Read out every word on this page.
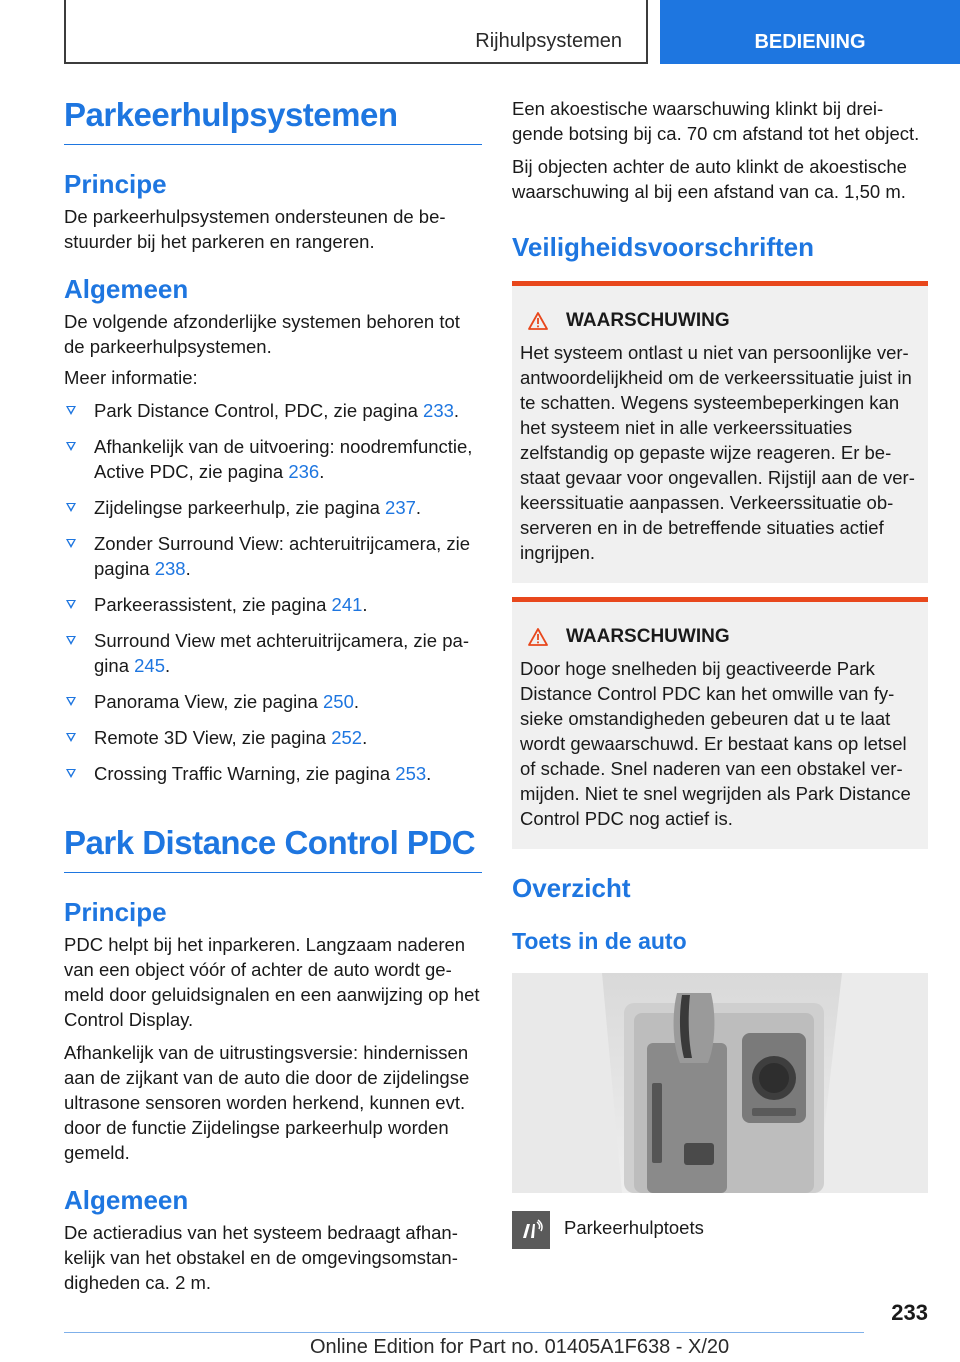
Rijhulpsystemen	BEDIENING
Parkeerhulpsystemen
Principe

De parkeerhulpsystemen ondersteunen de bestuurder bij het parkeren en rangeren.

Algemeen

De volgende afzonderlijke systemen behoren tot de parkeerhulpsystemen.

Meer informatie:

Park Distance Control, PDC, zie pagina 233.
Afhankelijk van de uitvoering: noodremfunctie, Active PDC, zie pagina 236.
Zijdelingse parkeerhulp, zie pagina 237.
Zonder Surround View: achteruitrijcamera, zie pagina 238.
Parkeerassistent, zie pagina 241.
Surround View met achteruitrijcamera, zie pagina 245.
Panorama View, zie pagina 250.
Remote 3D View, zie pagina 252.
Crossing Traffic Warning, zie pagina 253.
Park Distance Control PDC
Principe

PDC helpt bij het inparkeren. Langzaam naderen van een object vóór of achter de auto wordt gemeld door geluidsignalen en een aanwijzing op het Control Display.

Afhankelijk van de uitrustingsversie: hindernissen aan de zijkant van de auto die door de zijdelingse ultrasone sensoren worden herkend, kunnen evt. door de functie Zijdelingse parkeerhulp worden gemeld.

Algemeen

De actieradius van het systeem bedraagt afhankelijk van het obstakel en de omgevingsomstandigheden ca. 2 m.

Een akoestische waarschuwing klinkt bij dreigende botsing bij ca. 70 cm afstand tot het object.

Bij objecten achter de auto klinkt de akoestische waarschuwing al bij een afstand van ca. 1,50 m.

Veiligheidsvoorschriften
WAARSCHUWING

Het systeem ontlast u niet van persoonlijke verantwoordelijkheid om de verkeerssituatie juist in te schatten. Wegens systeembeperkingen kan het systeem niet in alle verkeerssituaties zelfstandig op gepaste wijze reageren. Er bestaat gevaar voor ongevallen. Rijstijl aan de verkeerssituatie aanpassen. Verkeerssituatie observeren en in de betreffende situaties actief ingrijpen.

WAARSCHUWING

Door hoge snelheden bij geactiveerde Park Distance Control PDC kan het omwille van fysieke omstandigheden gebeuren dat u te laat wordt gewaarschuwd. Er bestaat kans op letsel of schade. Snel naderen van een obstakel vermijden. Niet te snel wegrijden als Park Distance Control PDC nog actief is.

Overzicht
Toets in de auto

Parkeerhulptoets

233
Online Edition for Part no. 01405A1F638 - X/20
